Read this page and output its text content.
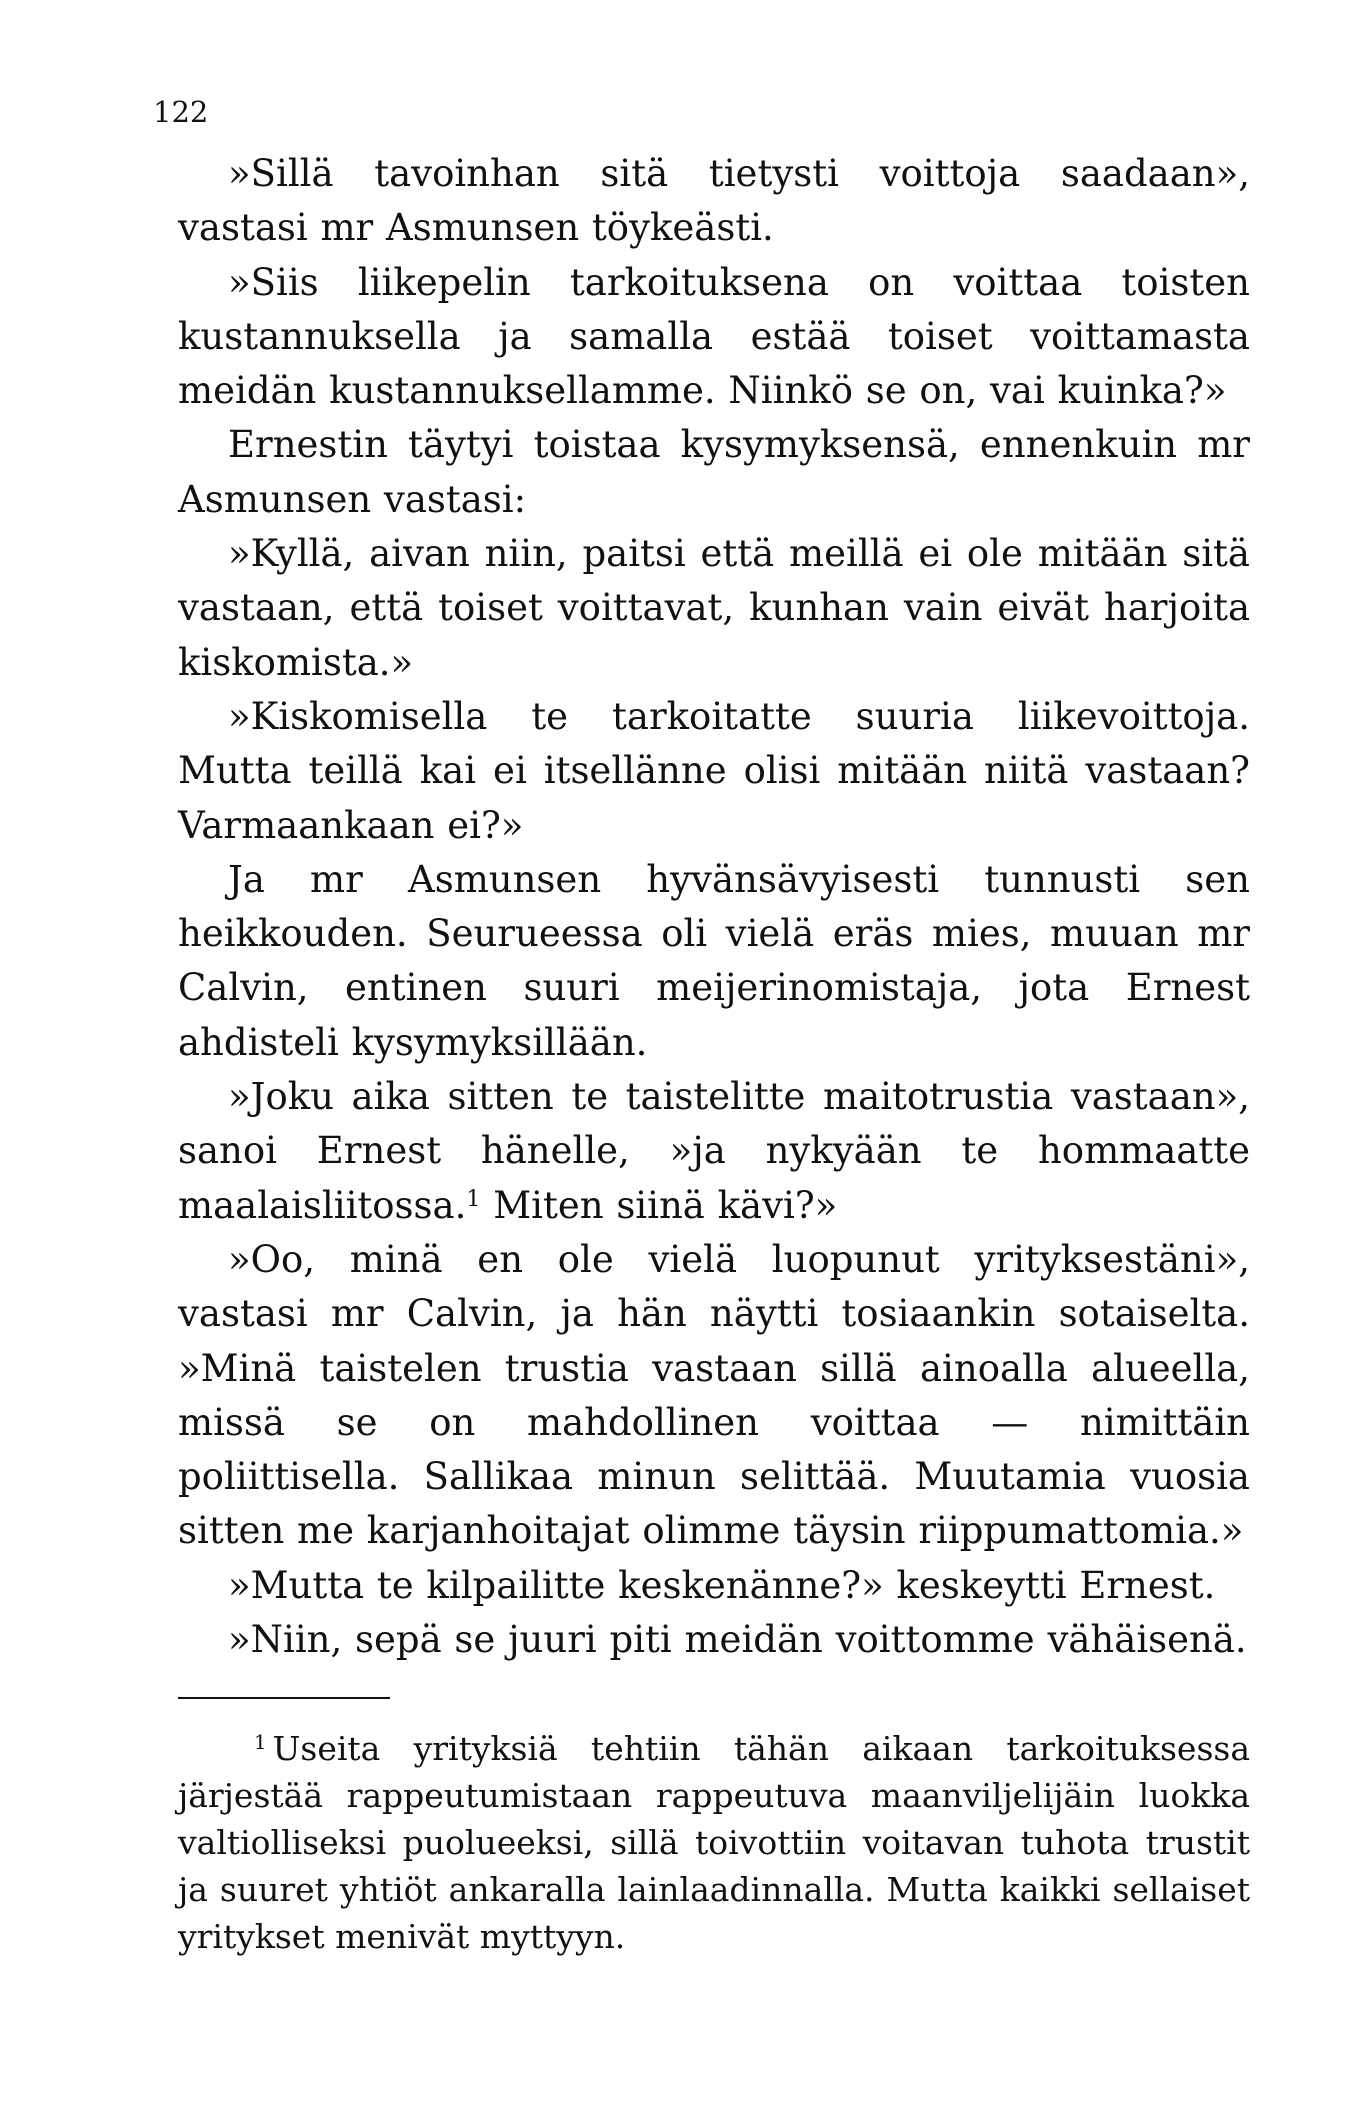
122

»Sillä tavoinhan sitä tietysti voittoja saadaan», vastasi mr Asmunsen töykeästi.

»Siis liikepelin tarkoituksena on voittaa toisten kustannuksella ja samalla estää toiset voittamasta meidän kustannuksellamme. Niinkö se on, vai kuinka?»

Ernestin täytyi toistaa kysymyksensä, ennenkuin mr Asmunsen vastasi:

»Kyllä, aivan niin, paitsi että meillä ei ole mitään sitä vastaan, että toiset voittavat, kunhan vain eivät harjoita kiskomista.»

»Kiskomisella te tarkoitatte suuria liikevoittoja. Mutta teillä kai ei itsellänne olisi mitään niitä vastaan? Varmaankaan ei?»

Ja mr Asmunsen hyvänsävyisesti tunnusti sen heikkouden. Seurueessa oli vielä eräs mies, muuan mr Calvin, entinen suuri meijerinomistaja, jota Ernest ahdisteli kysymyksillään.

»Joku aika sitten te taistelitte maitotrustia vastaan», sanoi Ernest hänelle, »ja nykyään te hommaatte maalaisliitossa.$^1$ Miten siinä kävi?»

»Oo, minä en ole vielä luopunut yrityksestäni», vastasi mr Calvin, ja hän näytti tosiaankin sotaiselta. »Minä taistelen trustia vastaan sillä ainoalla alueella, missä se on mahdollinen voittaa — nimittäin poliittisella. Sallikaa minun selittää. Muutamia vuosia sitten me karjanhoitajat olimme täysin riippumattomia.»

»Mutta te kilpailitte keskenänne?» keskeytti Ernest.

»Niin, sepä se juuri piti meidän voittomme vähäisenä.

$^1$ Useita yrityksiä tehtiin tähän aikaan tarkoituksessa järjestää rappeutumistaan rappeutuva maanviljelijäin luokka valtiolliseksi puolueeksi, sillä toivottiin voitavan tuhota trustit ja suuret yhtiöt ankaralla lainlaadinnalla. Mutta kaikki sellaiset yritykset menivät myttyyn.
